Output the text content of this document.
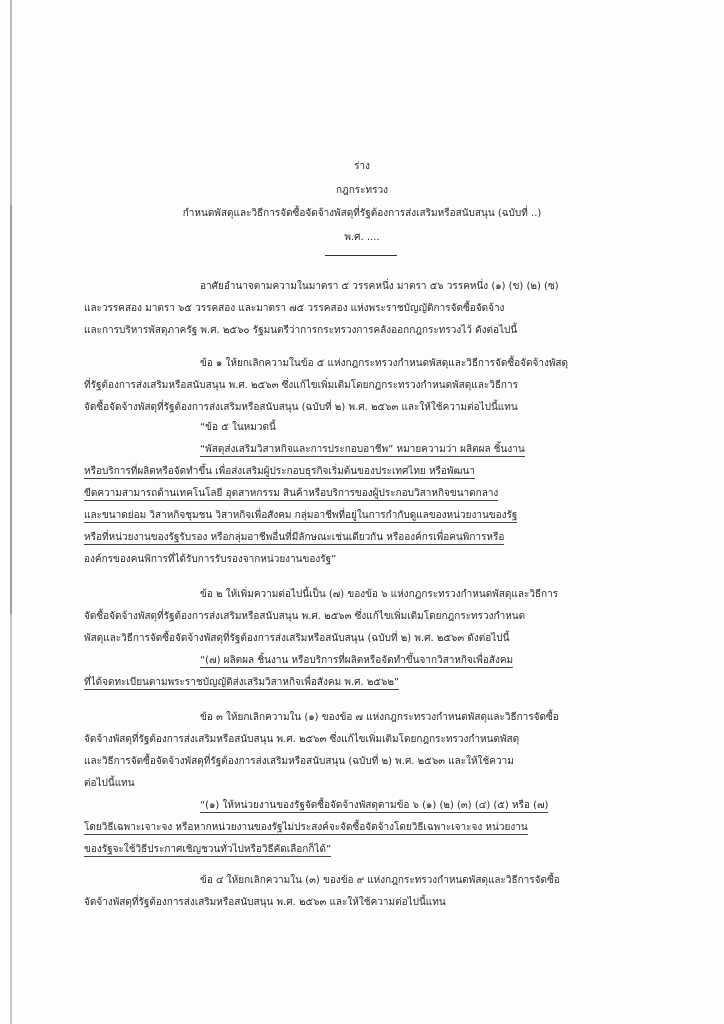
ร่าง
กฎกระทรวง
กำหนดพัสดุและวิธีการจัดซื้อจัดจ้างพัสดุที่รัฐต้องการส่งเสริมหรือสนับสนุน (ฉบับที่ ..)
พ.ศ. ....
อาศัยอำนาจตามความในมาตรา ๕ วรรคหนึ่ง มาตรา ๕๖ วรรคหนึ่ง (๑) (ข) (๒) (ซ)
และวรรคสอง มาตรา ๖๕ วรรคสอง และมาตรา ๗๕ วรรคสอง แห่งพระราชบัญญัติการจัดซื้อจัดจ้าง
และการบริหารพัสดุภาครัฐ พ.ศ. ๒๕๖๐ รัฐมนตรีว่าการกระทรวงการคลังออกกฎกระทรวงไว้ ดังต่อไปนี้
ข้อ ๑ ให้ยกเลิกความในข้อ ๕ แห่งกฎกระทรวงกำหนดพัสดุและวิธีการจัดซื้อจัดจ้างพัสดุ
ที่รัฐต้องการส่งเสริมหรือสนับสนุน พ.ศ. ๒๕๖๓ ซึ่งแก้ไขเพิ่มเติมโดยกฎกระทรวงกำหนดพัสดุและวิธีการ
จัดซื้อจัดจ้างพัสดุที่รัฐต้องการส่งเสริมหรือสนับสนุน (ฉบับที่ ๒) พ.ศ. ๒๕๖๓ และให้ใช้ความต่อไปนี้แทน
“ข้อ ๕ ในหมวดนี้
“พัสดุส่งเสริมวิสาหกิจและการประกอบอาชีพ” หมายความว่า ผลิตผล ชิ้นงาน
หรือบริการที่ผลิตหรือจัดทำขึ้น เพื่อส่งเสริมผู้ประกอบธุรกิจเริ่มต้นของประเทศไทย หรือพัฒนา
ขีดความสามารถด้านเทคโนโลยี อุตสาหกรรม สินค้าหรือบริการของผู้ประกอบวิสาหกิจขนาดกลาง
และขนาดย่อม วิสาหกิจชุมชน วิสาหกิจเพื่อสังคม กลุ่มอาชีพที่อยู่ในการกำกับดูแลของหน่วยงานของรัฐ
หรือที่หน่วยงานของรัฐรับรอง หรือกลุ่มอาชีพอื่นที่มีลักษณะเช่นเดียวกัน หรือองค์กรเพื่อคนพิการหรือ
องค์กรของคนพิการที่ได้รับการรับรองจากหน่วยงานของรัฐ”
ข้อ ๒ ให้เพิ่มความต่อไปนี้เป็น (๗) ของข้อ ๖ แห่งกฎกระทรวงกำหนดพัสดุและวิธีการ
จัดซื้อจัดจ้างพัสดุที่รัฐต้องการส่งเสริมหรือสนับสนุน พ.ศ. ๒๕๖๓ ซึ่งแก้ไขเพิ่มเติมโดยกฎกระทรวงกำหนด
พัสดุและวิธีการจัดซื้อจัดจ้างพัสดุที่รัฐต้องการส่งเสริมหรือสนับสนุน (ฉบับที่ ๒) พ.ศ. ๒๕๖๓ ดังต่อไปนี้
“(๗) ผลิตผล ชิ้นงาน หรือบริการที่ผลิตหรือจัดทำขึ้นจากวิสาหกิจเพื่อสังคม
ที่ได้จดทะเบียนตามพระราชบัญญัติส่งเสริมวิสาหกิจเพื่อสังคม พ.ศ. ๒๕๖๒”
ข้อ ๓ ให้ยกเลิกความใน (๑) ของข้อ ๗ แห่งกฎกระทรวงกำหนดพัสดุและวิธีการจัดซื้อ
จัดจ้างพัสดุที่รัฐต้องการส่งเสริมหรือสนับสนุน พ.ศ. ๒๕๖๓ ซึ่งแก้ไขเพิ่มเติมโดยกฎกระทรวงกำหนดพัสดุ
และวิธีการจัดซื้อจัดจ้างพัสดุที่รัฐต้องการส่งเสริมหรือสนับสนุน (ฉบับที่ ๒) พ.ศ. ๒๕๖๓ และให้ใช้ความ
ต่อไปนี้แทน
“(๑) ให้หน่วยงานของรัฐจัดซื้อจัดจ้างพัสดุตามข้อ ๖ (๑) (๒) (๓) (๔) (๕) หรือ (๗)
โดยวิธีเฉพาะเจาะจง หรือหากหน่วยงานของรัฐไม่ประสงค์จะจัดซื้อจัดจ้างโดยวิธีเฉพาะเจาะจง หน่วยงาน
ของรัฐจะใช้วิธีประกาศเชิญชวนทั่วไปหรือวิธีคัดเลือกก็ได้”
ข้อ ๔ ให้ยกเลิกความใน (๓) ของข้อ ๙ แห่งกฎกระทรวงกำหนดพัสดุและวิธีการจัดซื้อ
จัดจ้างพัสดุที่รัฐต้องการส่งเสริมหรือสนับสนุน พ.ศ. ๒๕๖๓ และให้ใช้ความต่อไปนี้แทน
